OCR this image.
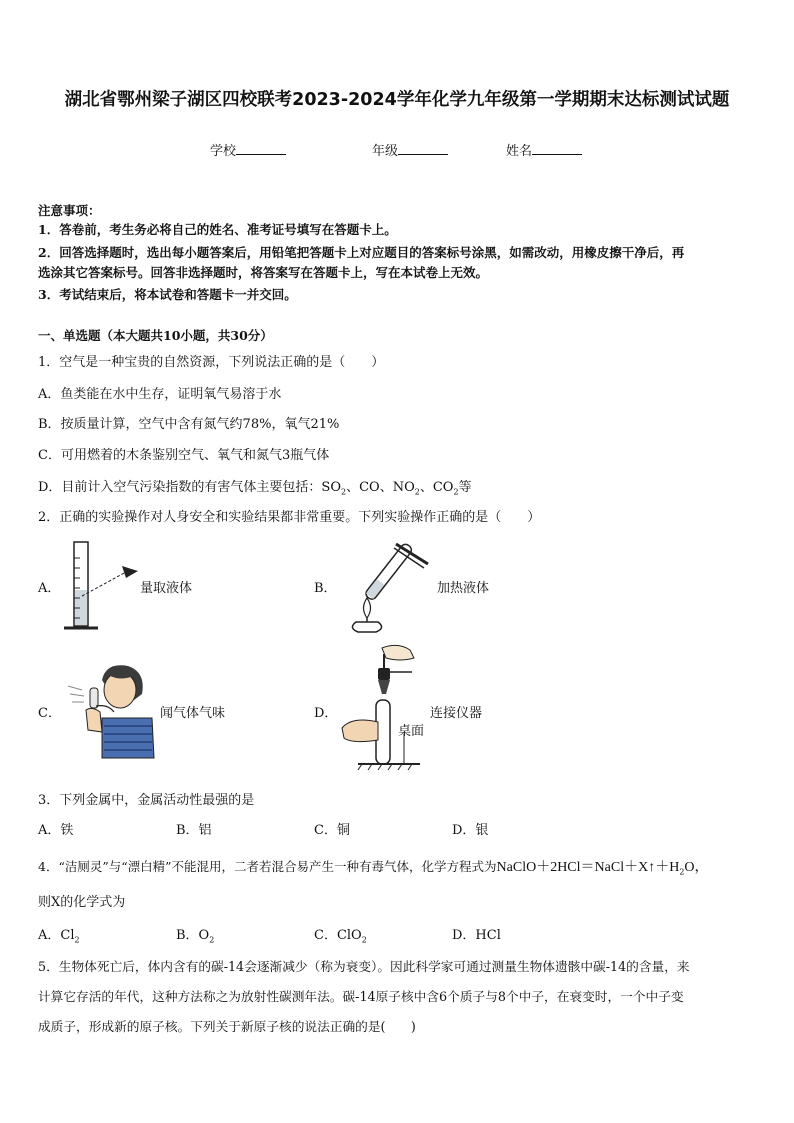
湖北省鄂州梁子湖区四校联考2023-2024学年化学九年级第一学期期末达标测试试题
学校	年级	姓名
注意事项：
1．答卷前，考生务必将自己的姓名、准考证号填写在答题卡上。
2．回答选择题时，选出每小题答案后，用铅笔把答题卡上对应题目的答案标号涂黑，如需改动，用橡皮擦干净后，再
选涂其它答案标号。回答非选择题时，将答案写在答题卡上，写在本试卷上无效。
3．考试结束后，将本试卷和答题卡一并交回。
一、单选题（本大题共10小题，共30分）
1．空气是一种宝贵的自然资源，下列说法正确的是（　　）
A．鱼类能在水中生存，证明氧气易溶于水
B．按质量计算，空气中含有氮气约78%，氧气21%
C．可用燃着的木条鉴别空气、氧气和氮气3瓶气体
D．目前计入空气污染指数的有害气体主要包括：$SO_2$、CO、$NO_2$、$CO_2$等
2．正确的实验操作对人身安全和实验结果都非常重要。下列实验操作正确的是（　　）
A．	量取液体	B．	加热液体
C．	闻气体气味	D．
桌面
连接仪器
3．下列金属中，金属活动性最强的是
A．铁	B．铝	C．铜	D．银
4．“洁厕灵”与“漂白精”不能混用，二者若混合易产生一种有毒气体，化学方程式为$NaClO+2HCl=NaCl+X↑+H_2O$，
则X的化学式为
A．$Cl_2$	B．$O_2$	C．ClO$_2$	D．HCl
5．生物体死亡后，体内含有的碳-14会逐渐减少（称为衰变）。因此科学家可通过测量生物体遗骸中碳-14的含量，来
计算它存活的年代，这种方法称之为放射性碳测年法。碳-14原子核中含6个质子与8个中子，在衰变时，一个中子变
成质子，形成新的原子核。下列关于新原子核的说法正确的是(　　)
